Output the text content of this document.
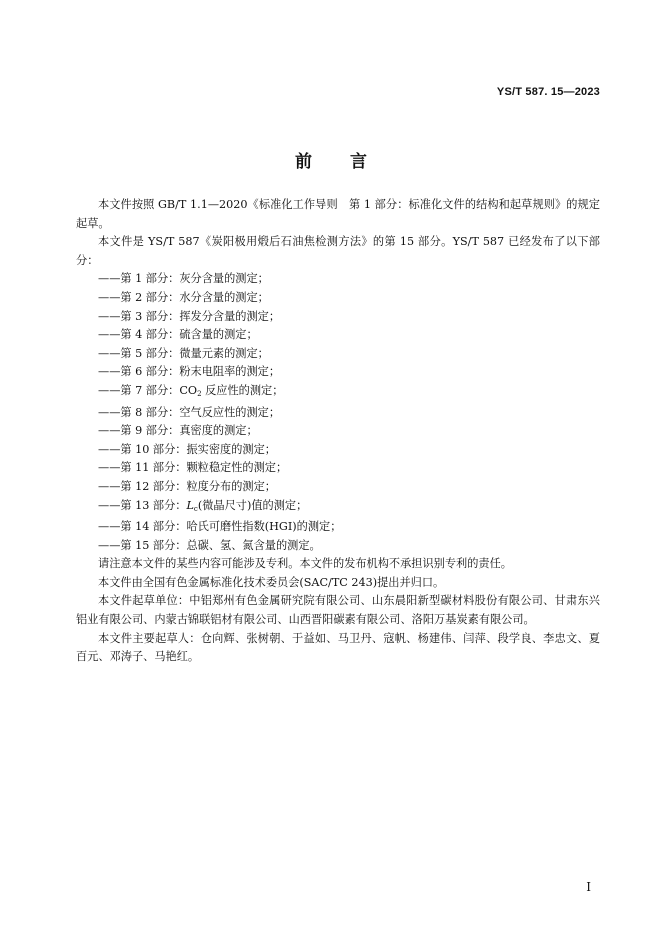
YS/T 587. 15—2023
前 言

本文件按照 GB/T 1.1—2020《标准化工作导则　第 1 部分：标准化文件的结构和起草规则》的规定起草。

本文件是 YS/T 587《炭阳极用煅后石油焦检测方法》的第 15 部分。YS/T 587 已经发布了以下部分：

——第 1 部分：灰分含量的测定；
——第 2 部分：水分含量的测定；
——第 3 部分：挥发分含量的测定；
——第 4 部分：硫含量的测定；
——第 5 部分：微量元素的测定；
——第 6 部分：粉末电阻率的测定；
——第 7 部分：$CO_2$ 反应性的测定；
——第 8 部分：空气反应性的测定；
——第 9 部分：真密度的测定；
——第 10 部分：振实密度的测定；
——第 11 部分：颗粒稳定性的测定；
——第 12 部分：粒度分布的测定；
——第 13 部分：$L_c$(微晶尺寸)值的测定；
——第 14 部分：哈氏可磨性指数(HGI)的测定；
——第 15 部分：总碳、氢、氮含量的测定。

请注意本文件的某些内容可能涉及专利。本文件的发布机构不承担识别专利的责任。

本文件由全国有色金属标准化技术委员会(SAC/TC 243)提出并归口。

本文件起草单位：中铝郑州有色金属研究院有限公司、山东晨阳新型碳材料股份有限公司、甘肃东兴铝业有限公司、内蒙古锦联铝材有限公司、山西晋阳碳素有限公司、洛阳万基炭素有限公司。

本文件主要起草人：仓向辉、张树朝、于益如、马卫丹、寇帆、杨建伟、闫萍、段学良、李忠文、夏百元、邓涛子、马艳红。

I
